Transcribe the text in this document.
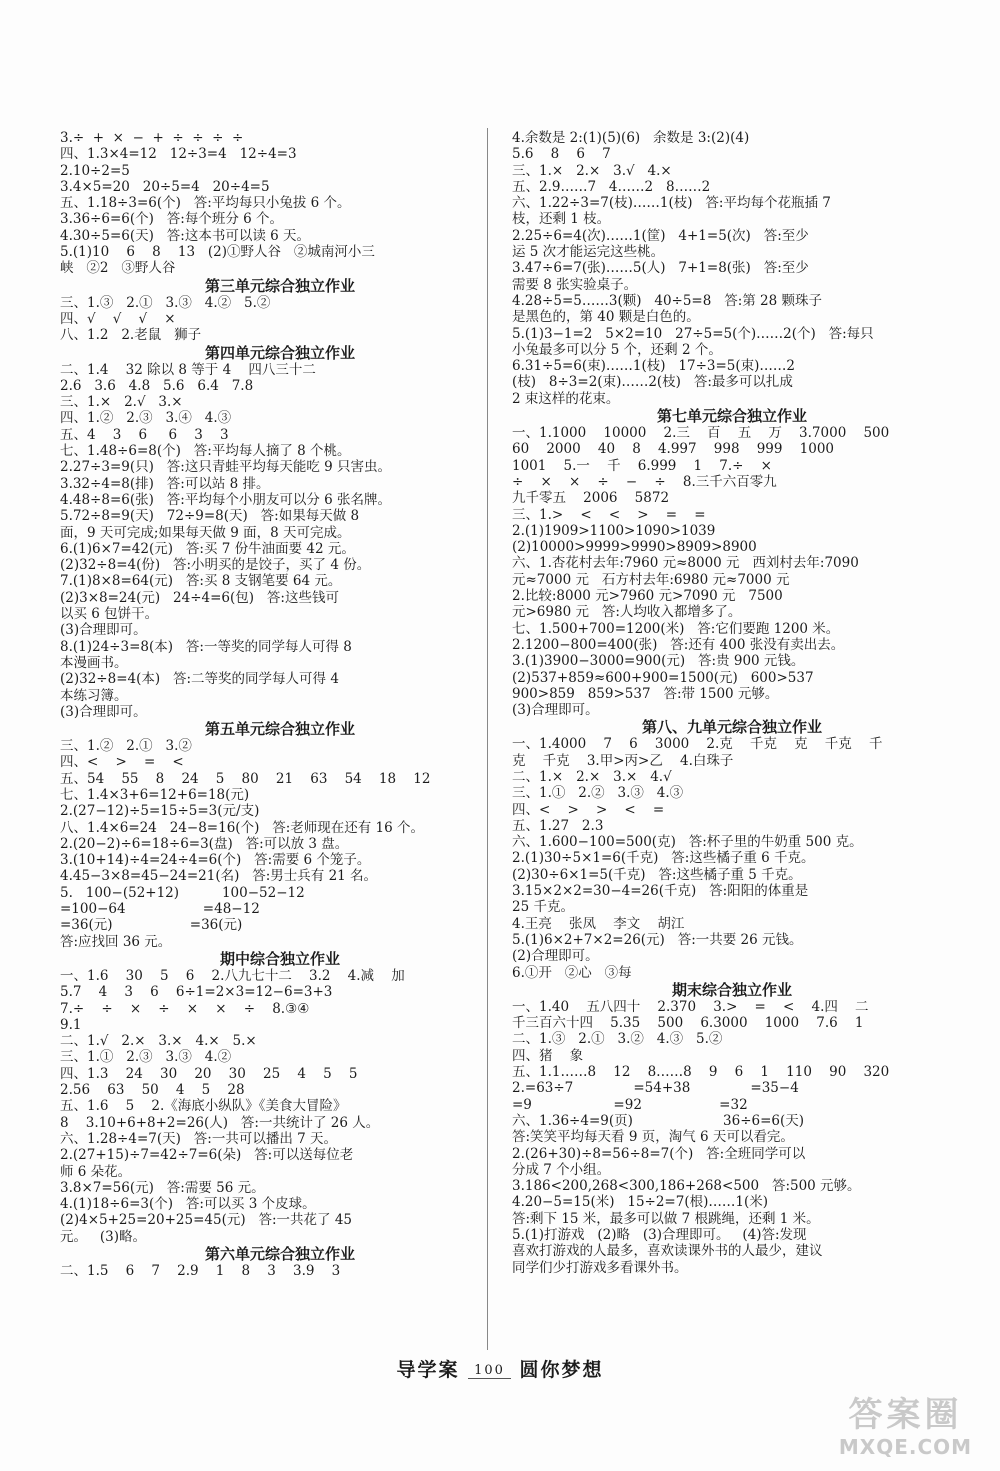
3.÷  +  ×  −  +  ÷  ÷  ÷  ÷
四、1.3×4=12   12÷3=4   12÷4=3
2.10÷2=5
3.4×5=20   20÷5=4   20÷4=5
五、1.18÷3=6(个)   答:平均每只小兔拔 6 个。
3.36÷6=6(个)   答:每个班分 6 个。
4.30÷5=6(天)   答:这本书可以读 6 天。
5.(1)10    6    8    13   (2)①野人谷   ②城南河小三
峡   ②2   ③野人谷
第三单元综合独立作业
三、1.③   2.①   3.③   4.②   5.②
四、√    √    √    ×
八、1.2   2.老鼠   狮子
第四单元综合独立作业
二、1.4    32 除以 8 等于 4    四八三十二
2.6   3.6   4.8   5.6   6.4   7.8
三、1.×   2.√   3.×
四、1.②   2.③   3.④   4.③
五、4    3    6     6    3    3
七、1.48÷6=8(个)   答:平均每人摘了 8 个桃。
2.27÷3=9(只)   答:这只青蛙平均每天能吃 9 只害虫。
3.32÷4=8(排)   答:可以站 8 排。
4.48÷8=6(张)   答:平均每个小朋友可以分 6 张名牌。
5.72÷8=9(天)   72÷9=8(天)   答:如果每天做 8
面，9 天可完成;如果每天做 9 面，8 天可完成。
6.(1)6×7=42(元)   答:买 7 份牛油面要 42 元。
(2)32÷8=4(份)   答:小明买的是饺子，买了 4 份。
7.(1)8×8=64(元)   答:买 8 支钢笔要 64 元。
(2)3×8=24(元)   24÷4=6(包)   答:这些钱可
以买 6 包饼干。
(3)合理即可。
8.(1)24÷3=8(本)   答:一等奖的同学每人可得 8
本漫画书。
(2)32÷8=4(本)   答:二等奖的同学每人可得 4
本练习簿。
(3)合理即可。
第五单元综合独立作业
三、1.②   2.①   3.②
四、<    >    =    <
五、54    55    8    24    5    80    21    63    54    18    12
七、1.4×3+6=12+6=18(元)
2.(27−12)÷5=15÷5=3(元/支)
八、1.4×6=24   24−8=16(个)   答:老师现在还有 16 个。
2.(20−2)÷6=18÷6=3(盘)   答:可以放 3 盘。
3.(10+14)÷4=24÷4=6(个)   答:需要 6 个笼子。
4.45−3×8=45−24=21(名)   答:男士兵有 21 名。
5.   100−(52+12)          100−52−12
=100−64                  =48−12
=36(元)                  =36(元)
答:应找回 36 元。
期中综合独立作业
一、1.6    30    5    6    2.八九七十二    3.2    4.减    加
5.7    4    3    6    6÷1=2×3=12−6=3+3
7.÷    ÷    ×    ÷    ×    ×    ÷    8.③④
9.1
二、1.√   2.×   3.×   4.×   5.×
三、1.①   2.③   3.③   4.②
四、1.3    24    30    20    30    25    4    5    5
2.56    63    50    4    5    28
五、1.6    5    2.《海底小纵队》《美食大冒险》
8    3.10+6+8+2=26(人)   答:一共统计了 26 人。
六、1.28÷4=7(天)   答:一共可以播出 7 天。
2.(27+15)÷7=42÷7=6(朵)   答:可以送每位老
师 6 朵花。
3.8×7=56(元)   答:需要 56 元。
4.(1)18÷6=3(个)   答:可以买 3 个皮球。
(2)4×5+25=20+25=45(元)   答:一共花了 45
元。   (3)略。
第六单元综合独立作业
二、1.5    6    7    2.9    1    8    3    3.9    3
4.余数是 2:(1)(5)(6)   余数是 3:(2)(4)
5.6    8    6    7
三、1.×   2.×   3.√   4.×
五、2.9……7   4……2   8……2
六、1.22÷3=7(枝)……1(枝)   答:平均每个花瓶插 7
枝，还剩 1 枝。
2.25÷6=4(次)……1(筐)   4+1=5(次)   答:至少
运 5 次才能运完这些桃。
3.47÷6=7(张)……5(人)   7+1=8(张)   答:至少
需要 8 张实验桌子。
4.28÷5=5……3(颗)   40÷5=8   答:第 28 颗珠子
是黑色的，第 40 颗是白色的。
5.(1)3−1=2   5×2=10   27÷5=5(个)……2(个)   答:每只
小兔最多可以分 5 个，还剩 2 个。
6.31÷5=6(束)……1(枝)   17÷3=5(束)……2
(枝)   8÷3=2(束)……2(枝)   答:最多可以扎成
2 束这样的花束。
第七单元综合独立作业
一、1.1000    10000    2.三    百    五    万    3.7000    500
60    2000    40    8    4.997    998    999    1000
1001    5.一    千    6.999    1    7.÷    ×
÷    ×    ×    ÷    −    ÷    8.三千六百零九
九千零五    2006    5872
三、1.>    <    <    >    =    =
2.(1)1909>1100>1090>1039
(2)10000>9999>9990>8909>8900
六、1.杏花村去年:7960 元≈8000 元   西刘村去年:7090
元≈7000 元   石方村去年:6980 元≈7000 元
2.比较:8000 元>7960 元>7090 元   7500
元>6980 元   答:人均收入都增多了。
七、1.500+700=1200(米)   答:它们要跑 1200 米。
2.1200−800=400(张)   答:还有 400 张没有卖出去。
3.(1)3900−3000=900(元)   答:贵 900 元钱。
(2)537+859≈600+900=1500(元)   600>537
900>859   859>537   答:带 1500 元够。
(3)合理即可。
第八、九单元综合独立作业
一、1.4000    7    6    3000    2.克    千克    克    千克    千
克    千克    3.甲>丙>乙    4.白珠子
二、1.×   2.×   3.×   4.√
三、1.①   2.②   3.③   4.③
四、<    >    >    <    =
五、1.27   2.3
六、1.600−100=500(克)   答:杯子里的牛奶重 500 克。
2.(1)30÷5×1=6(千克)   答:这些橘子重 6 千克。
(2)30÷6×1=5(千克)   答:这些橘子重 5 千克。
3.15×2×2=30−4=26(千克)   答:阳阳的体重是
25 千克。
4.王亮    张凤    李文    胡江
5.(1)6×2+7×2=26(元)   答:一共要 26 元钱。
(2)合理即可。
6.①开   ②心   ③每
期末综合独立作业
一、1.40    五八四十    2.370    3.>    =    <    4.四    二
千三百六十四    5.35    500    6.3000    1000    7.6    1
二、1.③   2.①   3.②   4.③   5.②
四、猪    象
五、1.1……8    12    8……8    9    6    1    110    90    320
2.=63÷7              =54+38              =35−4
=9                   =92                  =32
六、1.36÷4=9(页)                     36÷6=6(天)
答:笑笑平均每天看 9 页，淘气 6 天可以看完。
2.(26+30)÷8=56÷8=7(个)   答:全班同学可以
分成 7 个小组。
3.186<200,268<300,186+268<500   答:500 元够。
4.20−5=15(米)   15÷2=7(根)……1(米)
答:剩下 15 米，最多可以做 7 根跳绳，还剩 1 米。
5.(1)打游戏   (2)略   (3)合理即可。   (4)答:发现
喜欢打游戏的人最多，喜欢读课外书的人最少，建议
同学们少打游戏多看课外书。
导学案 100 圆你梦想
答案圈
MXQE.COM
